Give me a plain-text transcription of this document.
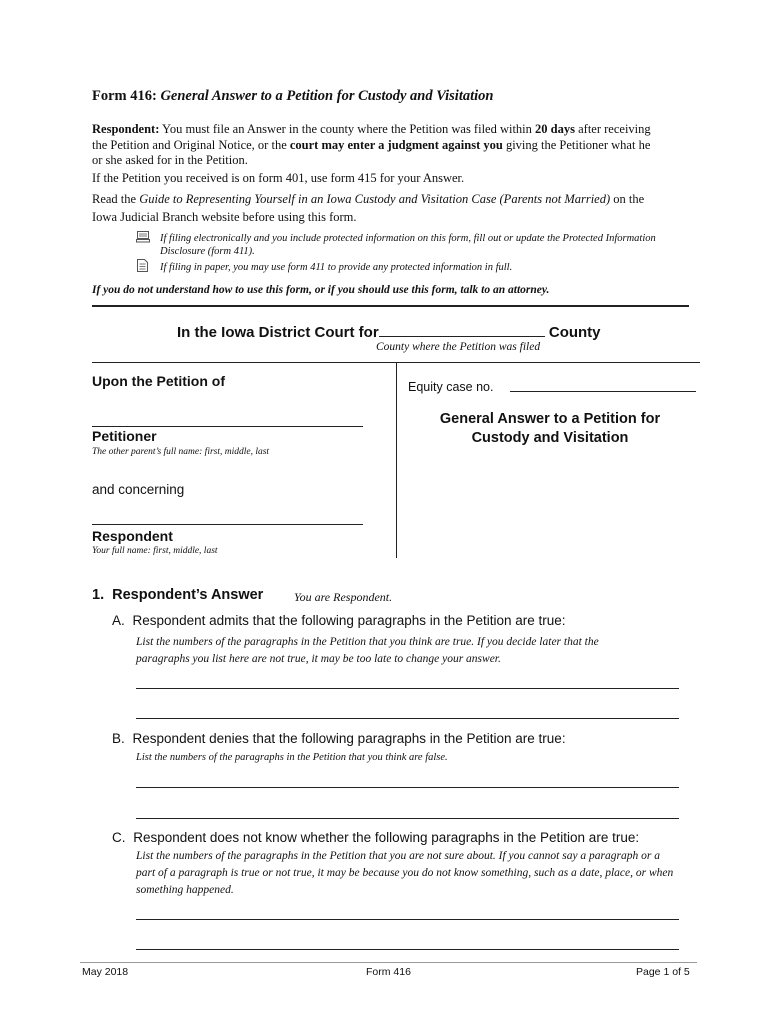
Form 416: General Answer to a Petition for Custody and Visitation
Respondent: You must file an Answer in the county where the Petition was filed within 20 days after receiving the Petition and Original Notice, or the court may enter a judgment against you giving the Petitioner what he or she asked for in the Petition.
If the Petition you received is on form 401, use form 415 for your Answer.
Read the Guide to Representing Yourself in an Iowa Custody and Visitation Case (Parents not Married) on the Iowa Judicial Branch website before using this form.
If filing electronically and you include protected information on this form, fill out or update the Protected Information Disclosure (form 411).
If filing in paper, you may use form 411 to provide any protected information in full.
If you do not understand how to use this form, or if you should use this form, talk to an attorney.
In the Iowa District Court for	County
County where the Petition was filed
Upon the Petition of
Petitioner
The other parent’s full name: first, middle, last
and concerning
Respondent
Your full name: first, middle, last
Equity case no.
General Answer to a Petition for
Custody and Visitation
1. Respondent’s Answer	You are Respondent.
A. Respondent admits that the following paragraphs in the Petition are true:
List the numbers of the paragraphs in the Petition that you think are true. If you decide later that the paragraphs you list here are not true, it may be too late to change your answer.
B. Respondent denies that the following paragraphs in the Petition are true:
List the numbers of the paragraphs in the Petition that you think are false.
C. Respondent does not know whether the following paragraphs in the Petition are true:
List the numbers of the paragraphs in the Petition that you are not sure about. If you cannot say a paragraph or a part of a paragraph is true or not true, it may be because you do not know something, such as a date, place, or when something happened.
May 2018	Form 416	Page 1 of 5
